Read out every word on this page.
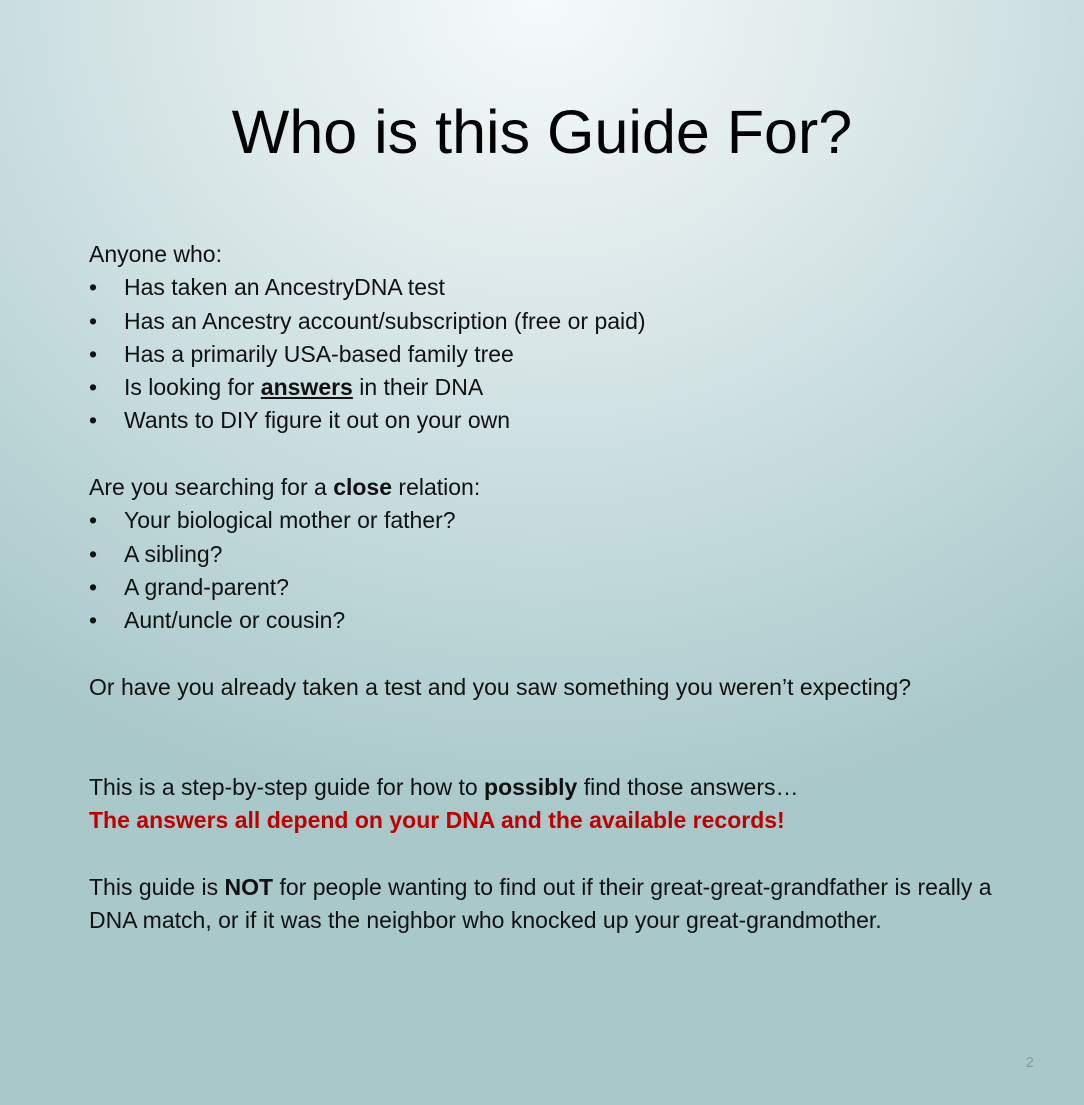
Who is this Guide For?
Anyone who:
• Has taken an AncestryDNA test
• Has an Ancestry account/subscription (free or paid)
• Has a primarily USA-based family tree
• Is looking for answers in their DNA
• Wants to DIY figure it out on your own
Are you searching for a close relation:
• Your biological mother or father?
• A sibling?
• A grand-parent?
• Aunt/uncle or cousin?
Or have you already taken a test and you saw something you weren’t expecting?
This is a step-by-step guide for how to possibly find those answers…
The answers all depend on your DNA and the available records!
This guide is NOT for people wanting to find out if their great-great-grandfather is really a DNA match, or if it was the neighbor who knocked up your great-grandmother.
2
